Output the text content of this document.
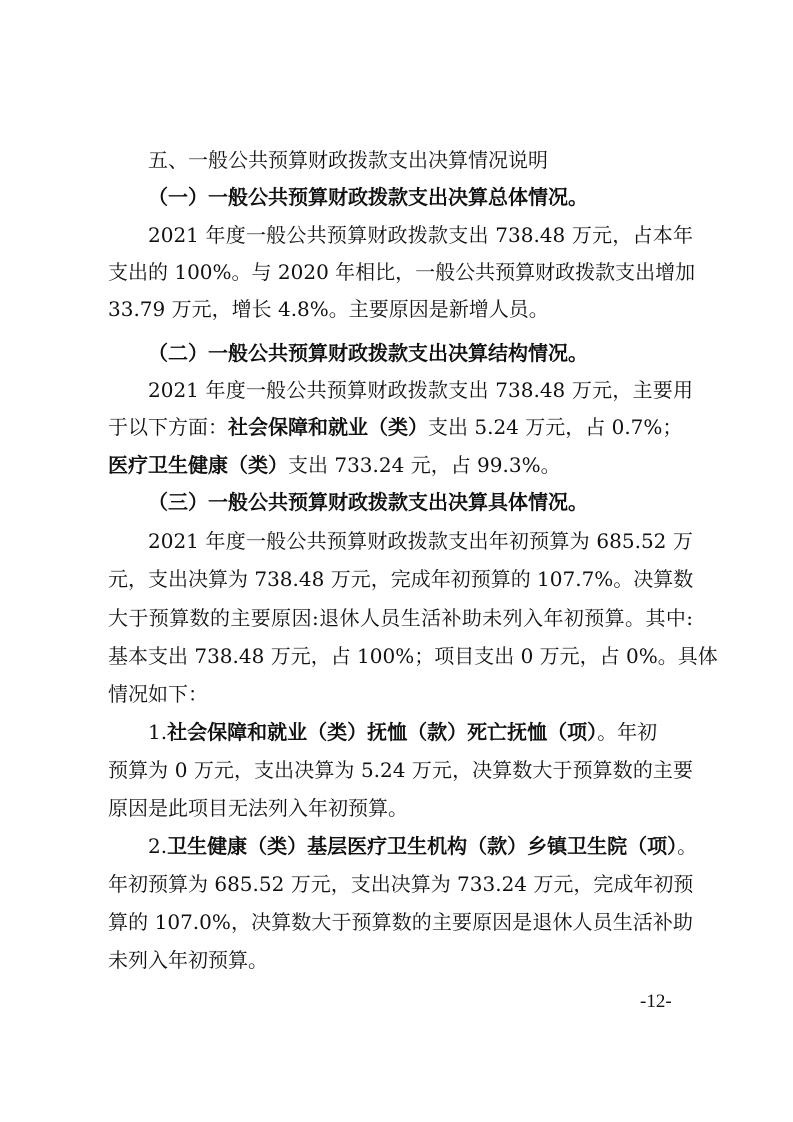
五、一般公共预算财政拨款支出决算情况说明
（一）一般公共预算财政拨款支出决算总体情况。
2021 年度一般公共预算财政拨款支出 738.48 万元，占本年
支出的 100%。与 2020 年相比，一般公共预算财政拨款支出增加
33.79 万元，增长 4.8%。主要原因是新增人员。
（二）一般公共预算财政拨款支出决算结构情况。
2021 年度一般公共预算财政拨款支出 738.48 万元，主要用
于以下方面：社会保障和就业（类）支出 5.24 万元，占 0.7%；
医疗卫生健康（类）支出 733.24 元，占 99.3%。
（三）一般公共预算财政拨款支出决算具体情况。
2021 年度一般公共预算财政拨款支出年初预算为 685.52 万
元，支出决算为 738.48 万元，完成年初预算的 107.7%。决算数
大于预算数的主要原因:退休人员生活补助未列入年初预算。其中:
基本支出 738.48 万元，占 100%；项目支出 0 万元，占 0%。具体
情况如下：
1.社会保障和就业（类）抚恤（款）死亡抚恤（项）。年初
预算为 0 万元，支出决算为 5.24 万元，决算数大于预算数的主要
原因是此项目无法列入年初预算。
2.卫生健康（类）基层医疗卫生机构（款）乡镇卫生院（项）。
年初预算为 685.52 万元，支出决算为 733.24 万元，完成年初预
算的 107.0%，决算数大于预算数的主要原因是退休人员生活补助
未列入年初预算。
-12-
